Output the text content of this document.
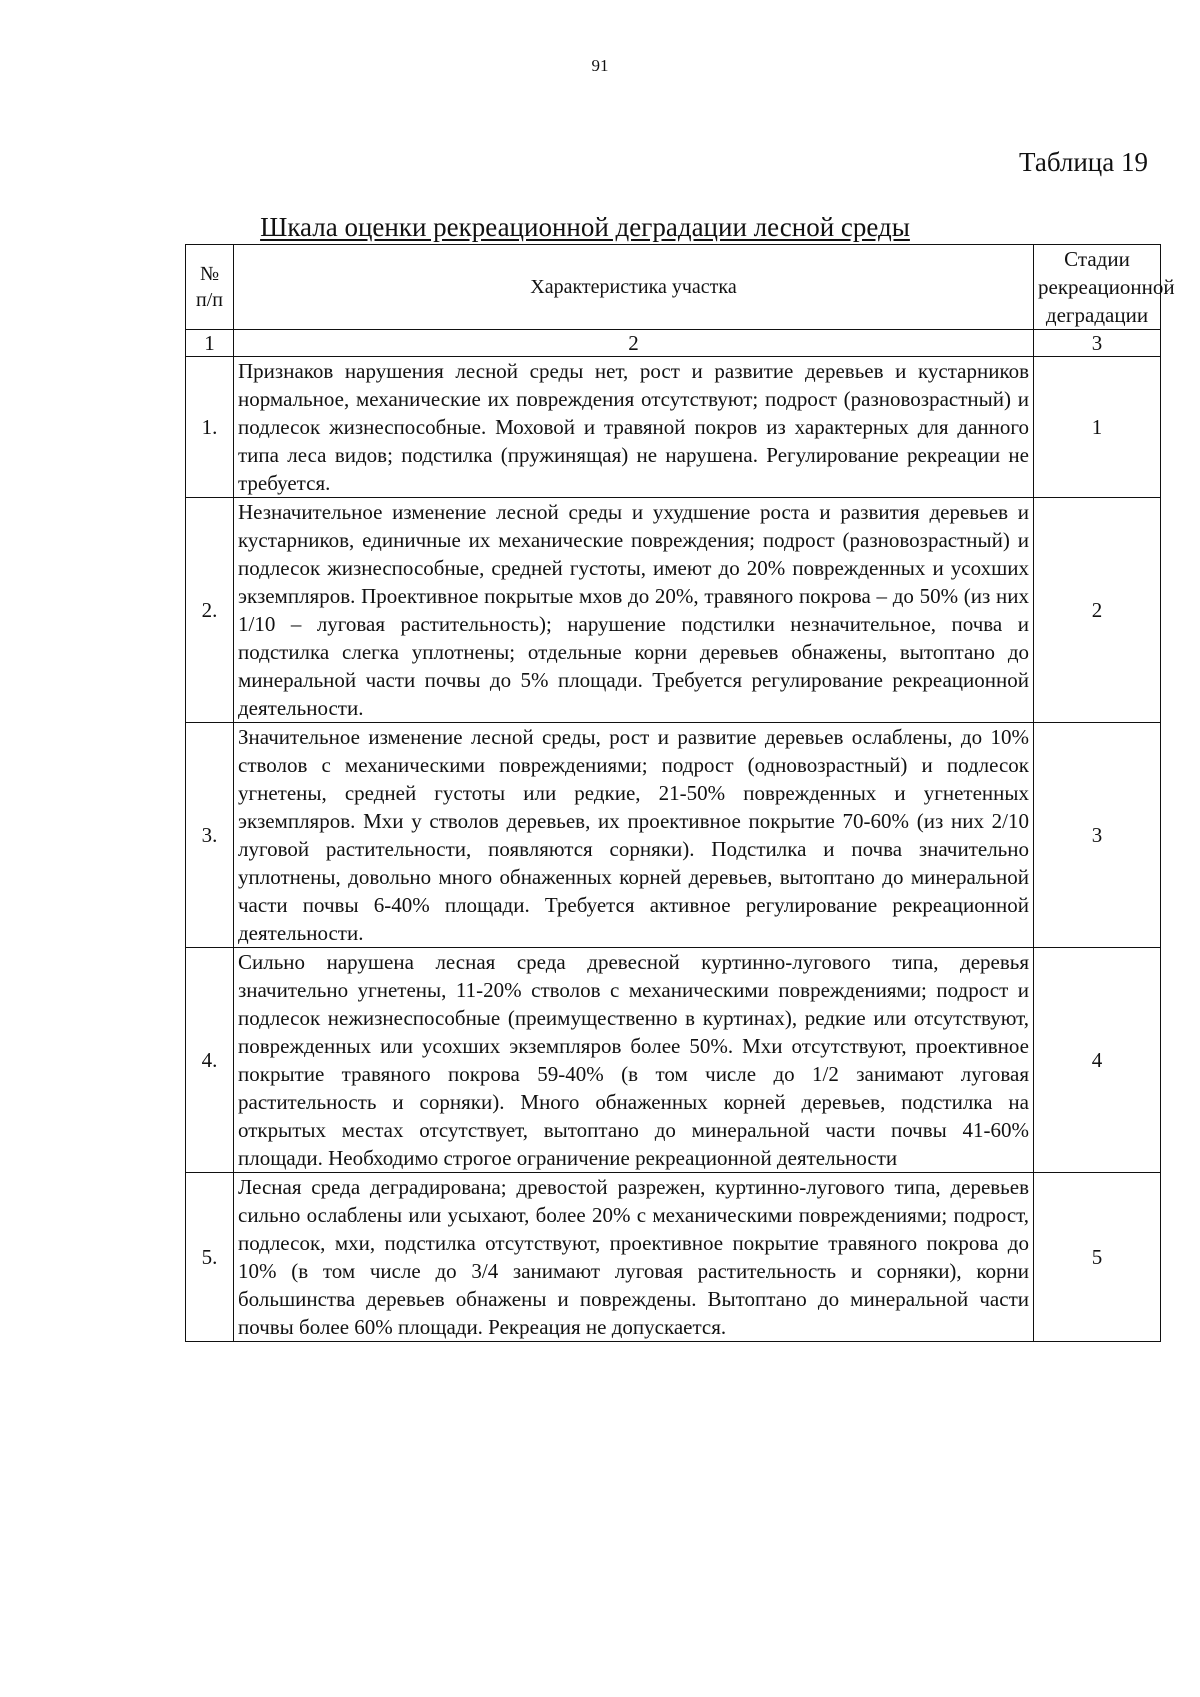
91
Таблица 19
Шкала оценки рекреационной деградации лесной среды
№ п/п	Характеристика участка	Стадии рекреационной деградации
1	2	3
1.	Признаков нарушения лесной среды нет, рост и развитие деревьев и кустарников нормальное, механические их повреждения отсутствуют; подрост (разновозрастный) и подлесок жизнеспособные. Моховой и травяной покров из характерных для данного типа леса видов; подстилка (пружинящая) не нарушена. Регулирование рекреации не требуется.	1
2.	Незначительное изменение лесной среды и ухудшение роста и развития деревьев и кустарников, единичные их механические повреждения; подрост (разновозрастный) и подлесок жизнеспособные, средней густоты, имеют до 20% поврежденных и усохших экземпляров. Проективное покрытые мхов до 20%, травяного покрова – до 50% (из них 1/10 – луговая растительность); нарушение подстилки незначительное, почва и подстилка слегка уплотнены; отдельные корни деревьев обнажены, вытоптано до минеральной части почвы до 5% площади. Требуется регулирование рекреационной деятельности.	2
3.	Значительное изменение лесной среды, рост и развитие деревьев ослаблены, до 10% стволов с механическими повреждениями; подрост (одновозрастный) и подлесок угнетены, средней густоты или редкие, 21-50% поврежденных и угнетенных экземпляров. Мхи у стволов деревьев, их проективное покрытие 70-60% (из них 2/10 луговой растительности, появляются сорняки). Подстилка и почва значительно уплотнены, довольно много обнаженных корней деревьев, вытоптано до минеральной части почвы 6-40% площади. Требуется активное регулирование рекреационной деятельности.	3
4.	Сильно нарушена лесная среда древесной куртинно-лугового типа, деревья значительно угнетены, 11-20% стволов с механическими повреждениями; подрост и подлесок нежизнеспособные (преимущественно в куртинах), редкие или отсутствуют, поврежденных или усохших экземпляров более 50%. Мхи отсутствуют, проективное покрытие травяного покрова 59-40% (в том числе до 1/2 занимают луговая растительность и сорняки). Много обнаженных корней деревьев, подстилка на открытых местах отсутствует, вытоптано до минеральной части почвы 41-60% площади. Необходимо строгое ограничение рекреационной деятельности	4
5.	Лесная среда деградирована; древостой разрежен, куртинно-лугового типа, деревьев сильно ослаблены или усыхают, более 20% с механическими повреждениями; подрост, подлесок, мхи, подстилка отсутствуют, проективное покрытие травяного покрова до 10% (в том числе до 3/4 занимают луговая растительность и сорняки), корни большинства деревьев обнажены и повреждены. Вытоптано до минеральной части почвы более 60% площади. Рекреация не допускается.	5
